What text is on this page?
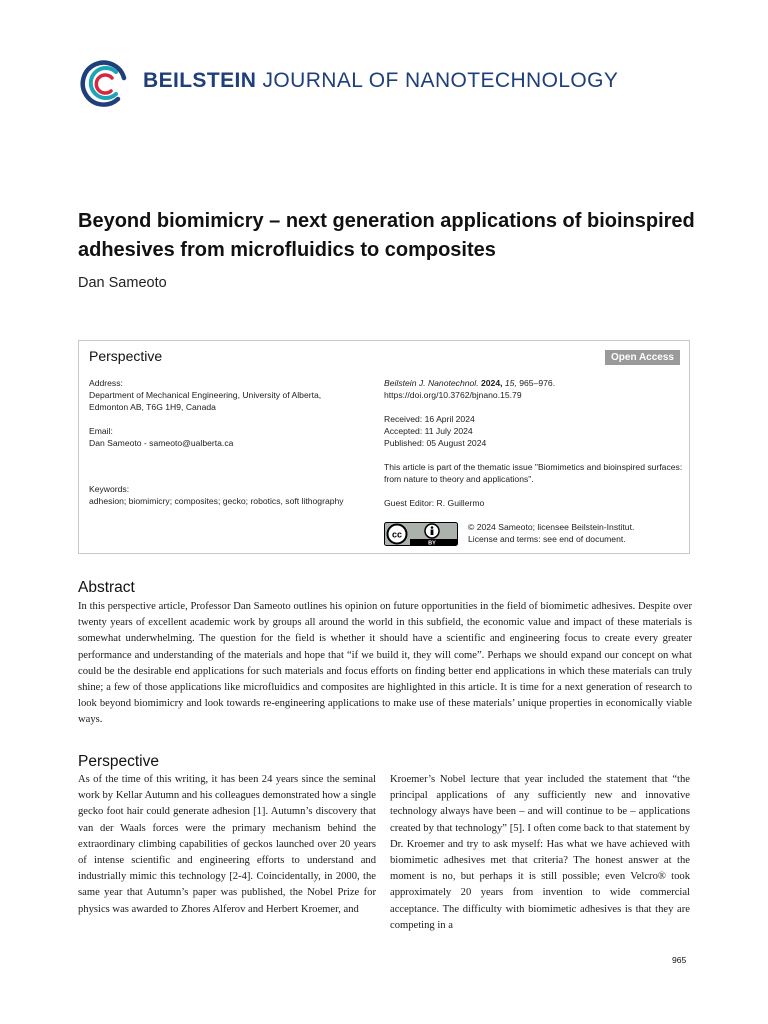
BEILSTEIN JOURNAL OF NANOTECHNOLOGY
Beyond biomimicry – next generation applications of bioinspired adhesives from microfluidics to composites
Dan Sameoto
Perspective	Open Access
Address:
Department of Mechanical Engineering, University of Alberta,
Edmonton AB, T6G 1H9, Canada
Email:
Dan Sameoto - sameoto@ualberta.ca
Keywords:
adhesion; biomimicry; composites; gecko; robotics, soft lithography
Beilstein J. Nanotechnol. 2024, 15, 965–976.
https://doi.org/10.3762/bjnano.15.79
Received: 16 April 2024
Accepted: 11 July 2024
Published: 05 August 2024
This article is part of the thematic issue "Biomimetics and bioinspired surfaces: from nature to theory and applications".
Guest Editor: R. Guillermo
cc
BY
© 2024 Sameoto; licensee Beilstein-Institut.
License and terms: see end of document.
Abstract
In this perspective article, Professor Dan Sameoto outlines his opinion on future opportunities in the field of biomimetic adhesives. Despite over twenty years of excellent academic work by groups all around the world in this subfield, the economic value and impact of these materials is somewhat underwhelming. The question for the field is whether it should have a scientific and engineering focus to create every greater performance and understanding of the materials and hope that “if we build it, they will come”. Perhaps we should expand our concept on what could be the desirable end applications for such materials and focus efforts on finding better end applications in which these materials can truly shine; a few of those applications like microfluidics and composites are highlighted in this article. It is time for a next generation of research to look beyond biomimicry and look towards re-engineering applications to make use of these materials’ unique properties in economically viable ways.
Perspective
As of the time of this writing, it has been 24 years since the seminal work by Kellar Autumn and his colleagues demonstrated how a single gecko foot hair could generate adhesion [1]. Autumn’s discovery that van der Waals forces were the primary mechanism behind the extraordinary climbing capabilities of geckos launched over 20 years of intense scientific and engineering efforts to understand and industrially mimic this technology [2-4]. Coincidentally, in 2000, the same year that Autumn’s paper was published, the Nobel Prize for physics was awarded to Zhores Alferov and Herbert Kroemer, and
Kroemer’s Nobel lecture that year included the statement that “the principal applications of any sufficiently new and innovative technology always have been – and will continue to be – applications created by that technology” [5]. I often come back to that statement by Dr. Kroemer and try to ask myself: Has what we have achieved with biomimetic adhesives met that criteria? The honest answer at the moment is no, but perhaps it is still possible; even Velcro® took approximately 20 years from invention to wide commercial acceptance. The difficulty with biomimetic adhesives is that they are competing in a
965
